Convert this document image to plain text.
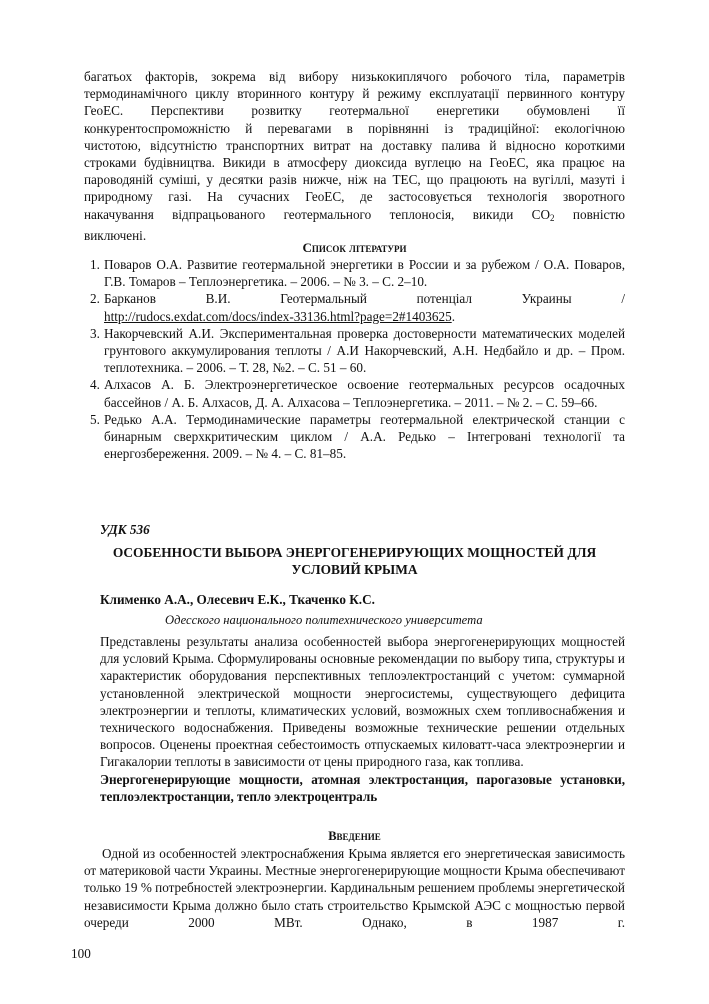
багатьох факторів, зокрема від вибору низькокиплячого робочого тіла, параметрів

термодинамічного циклу вторинного контуру й режиму експлуатації первинного контуру

ГеоЕС. Перспективи розвитку геотермальної енергетики обумовлені її

конкурентоспроможністю й перевагами в порівнянні із традиційної: екологічною

чистотою, відсутністю транспортних витрат на доставку палива й відносно короткими

строками будівництва. Викиди в атмосферу диоксида вуглецю на ГеоЕС, яка працює на

пароводяній суміші, у десятки разів нижче, ніж на ТЕС, що працюють на вугіллі, мазуті і

природному газі. На сучасних ГеоЕС, де застосовується технологія зворотного

накачування відпрацьованого геотермального теплоносія, викиди CO2 повністю

виключені.

Список літератури
1. Поваров О.А. Развитие геотермальной энергетики в России и за рубежом / О.А. Поваров, Г.В. Томаров – Теплоэнергетика. – 2006. – № 3. – С. 2–10.
2. Барканов В.И. Геотермальный потенціал Украины /
http://rudocs.exdat.com/docs/index-33136.html?page=2#1403625.
3. Накорчевский А.И. Экспериментальная проверка достоверности математических моделей грунтового аккумулирования теплоты / А.И Накорчевский, А.Н. Недбайло и др. – Пром. теплотехника. – 2006. – Т. 28, №2. – С. 51 – 60.
4. Алхасов А. Б. Электроэнергетическое освоение геотермальных ресурсов осадочных бассейнов / А. Б. Алхасов, Д. А. Алхасова – Теплоэнергетика. – 2011. – № 2. – С. 59–66.
5. Редько А.А. Термодинамические параметры геотермальной електрической станции с бинарным сверхкритическим циклом / А.А. Редько – Інтегровані технології та енергозбереження. 2009. – № 4. – С. 81–85.
УДК 536
ОСОБЕННОСТИ ВЫБОРА ЭНЕРГОГЕНЕРИРУЮЩИХ МОЩНОСТЕЙ ДЛЯ
УСЛОВИЙ КРЫМА
Клименко А.А., Олесевич Е.К., Ткаченко К.С.
Одесского национального политехнического университета

Представлены результаты анализа особенностей выбора энергогенерирующих мощностей для условий Крыма. Сформулированы основные рекомендации по выбору типа, структуры и характеристик оборудования перспективных теплоэлектростанций с учетом: суммарной установленной электрической мощности энергосистемы, существующего дефицита электроэнергии и теплоты, климатических условий, возможных схем топливоснабжения и технического водоснабжения. Приведены возможные технические решении отдельных вопросов. Оценены проектная себестоимость отпускаемых киловатт-часа электроэнергии и Гигакалории теплоты в зависимости от цены природного газа, как топлива.

Энергогенерирующие мощности, атомная электростанция, парогазовые установки, теплоэлектростанции, тепло электроцентраль

Введение

Одной из особенностей электроснабжения Крыма является его энергетическая зависимость от материковой части Украины. Местные энергогенерирующие мощности Крыма обеспечивают только 19 % потребностей электроэнергии. Кардинальным решением проблемы энергетической независимости Крыма должно было стать строительство Крымской АЭС с мощностью первой очереди 2000 МВт. Однако, в 1987 г.

100
